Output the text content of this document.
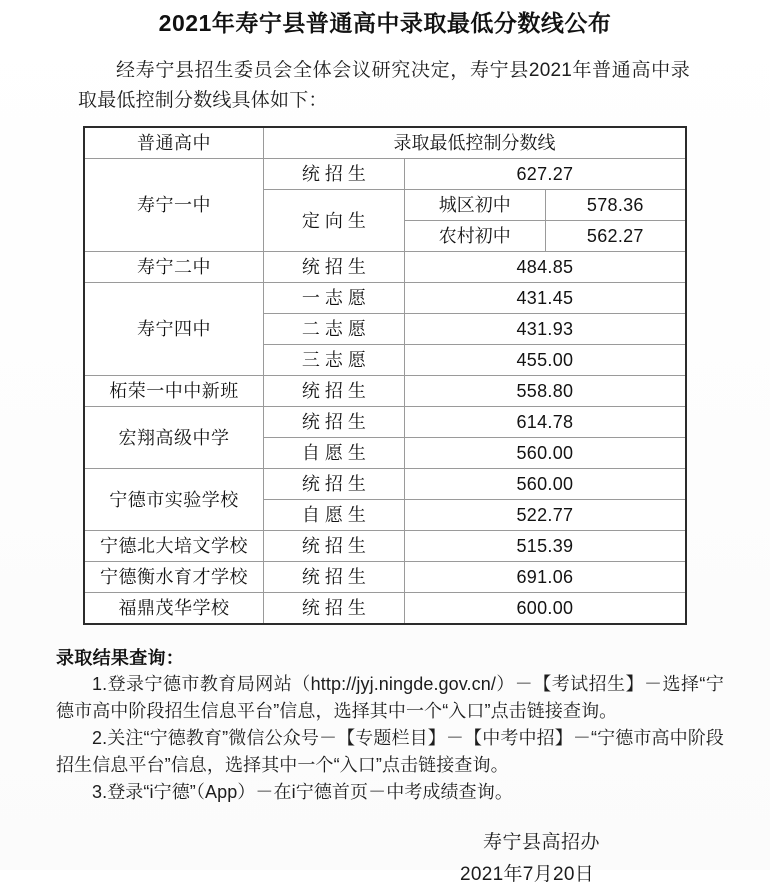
2021年寿宁县普通高中录取最低分数线公布

经寿宁县招生委员会全体会议研究决定，寿宁县2021年普通高中录取最低控制分数线具体如下：

普通高中	录取最低控制分数线		
寿宁一中	统招生	627.27	
	定向生	城区初中	578.36
		农村初中	562.27
寿宁二中	统招生	484.85	
寿宁四中	一志愿	431.45	
	二志愿	431.93	
	三志愿	455.00	
柘荣一中中新班	统招生	558.80	
宏翔高级中学	统招生	614.78	
	自愿生	560.00	
宁德市实验学校	统招生	560.00	
	自愿生	522.77	
宁德北大培文学校	统招生	515.39	
宁德衡水育才学校	统招生	691.06	
福鼎茂华学校	统招生	600.00	
录取结果查询：

1.登录宁德市教育局网站（http://jyj.ningde.gov.cn/）－【考试招生】－选择“宁德市高中阶段招生信息平台”信息，选择其中一个“入口”点击链接查询。

2.关注“宁德教育”微信公众号－【专题栏目】－【中考中招】－“宁德市高中阶段招生信息平台”信息，选择其中一个“入口”点击链接查询。

3.登录“i宁德”（App）－在i宁德首页－中考成绩查询。

寿宁县高招办
2021年7月20日
